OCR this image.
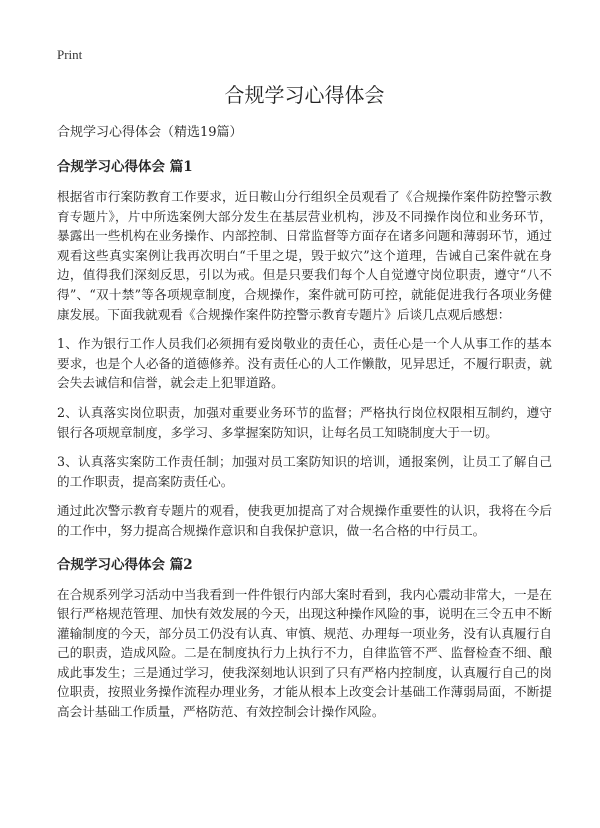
Print
合规学习心得体会

合规学习心得体会（精选19篇）

合规学习心得体会 篇1

根据省市行案防教育工作要求，近日鞍山分行组织全员观看了《合规操作案件防控警示教育专题片》，片中所选案例大部分发生在基层营业机构，涉及不同操作岗位和业务环节，暴露出一些机构在业务操作、内部控制、日常监督等方面存在诸多问题和薄弱环节，通过观看这些真实案例让我再次明白“千里之堤，毁于蚁穴”这个道理，告诫自己案件就在身边，值得我们深刻反思，引以为戒。但是只要我们每个人自觉遵守岗位职责，遵守“八不得”、“双十禁”等各项规章制度，合规操作，案件就可防可控，就能促进我行各项业务健康发展。下面我就观看《合规操作案件防控警示教育专题片》后谈几点观后感想：

1、作为银行工作人员我们必须拥有爱岗敬业的责任心，责任心是一个人从事工作的基本要求，也是个人必备的道德修养。没有责任心的人工作懒散，见异思迁，不履行职责，就会失去诚信和信誉，就会走上犯罪道路。

2、认真落实岗位职责，加强对重要业务环节的监督；严格执行岗位权限相互制约，遵守银行各项规章制度，多学习、多掌握案防知识，让每名员工知晓制度大于一切。

3、认真落实案防工作责任制；加强对员工案防知识的培训，通报案例，让员工了解自己的工作职责，提高案防责任心。

通过此次警示教育专题片的观看，使我更加提高了对合规操作重要性的认识，我将在今后的工作中，努力提高合规操作意识和自我保护意识，做一名合格的中行员工。

合规学习心得体会 篇2

在合规系列学习活动中当我看到一件件银行内部大案时看到，我内心震动非常大，一是在银行严格规范管理、加快有效发展的今天，出现这种操作风险的事，说明在三令五申不断灌输制度的今天，部分员工仍没有认真、审慎、规范、办理每一项业务，没有认真履行自己的职责，造成风险。二是在制度执行力上执行不力，自律监管不严、监督检查不细、酿成此事发生；三是通过学习，使我深刻地认识到了只有严格内控制度，认真履行自己的岗位职责，按照业务操作流程办理业务，才能从根本上改变会计基础工作薄弱局面，不断提高会计基础工作质量，严格防范、有效控制会计操作风险。
